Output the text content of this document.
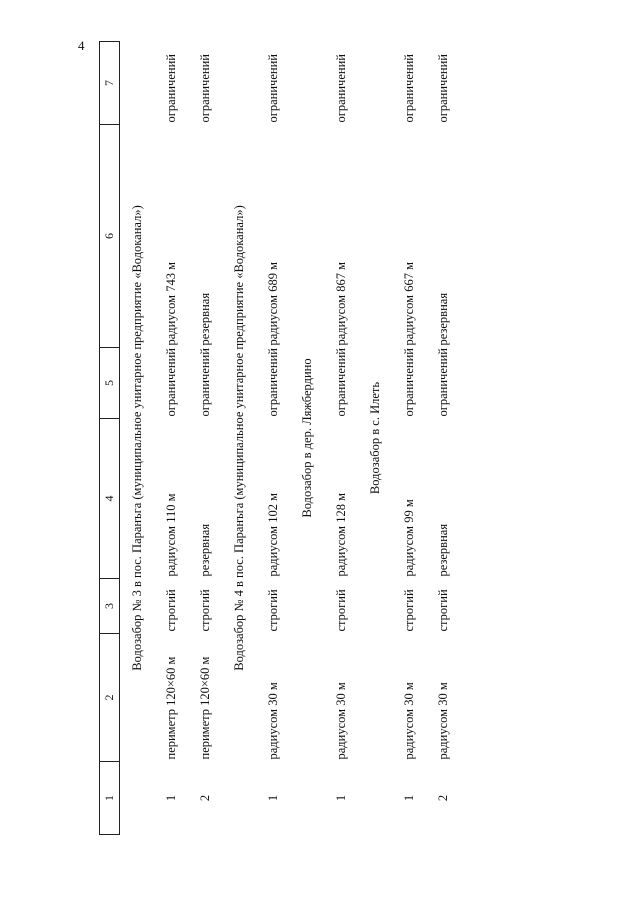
4
1	2	3	4	5	6	7
Водозабор № 3 в пос. Паранъга (муниципальное унитарное предприятие «Водоканал»)						
1	периметр 120×60 м	строгий	радиусом 110 м	ограничений	радиусом 743 м	ограничений
2	периметр 120×60 м	строгий	резервная	ограничений	резервная	ограничений
Водозабор № 4 в пос. Паранъга (муниципальное унитарное предприятие «Водоканал»)						
1	радиусом 30 м	строгий	радиусом 102 м	ограничений	радиусом 689 м	ограничений
Водозабор в дер. Ляжбердино						
1	радиусом 30 м	строгий	радиусом 128 м	ограничений	радиусом 867 м	ограничений
Водозабор в с. Илеть						
1	радиусом 30 м	строгий	радиусом 99 м	ограничений	радиусом 667 м	ограничений
2	радиусом 30 м	строгий	резервная	ограничений	резервная	ограничений
